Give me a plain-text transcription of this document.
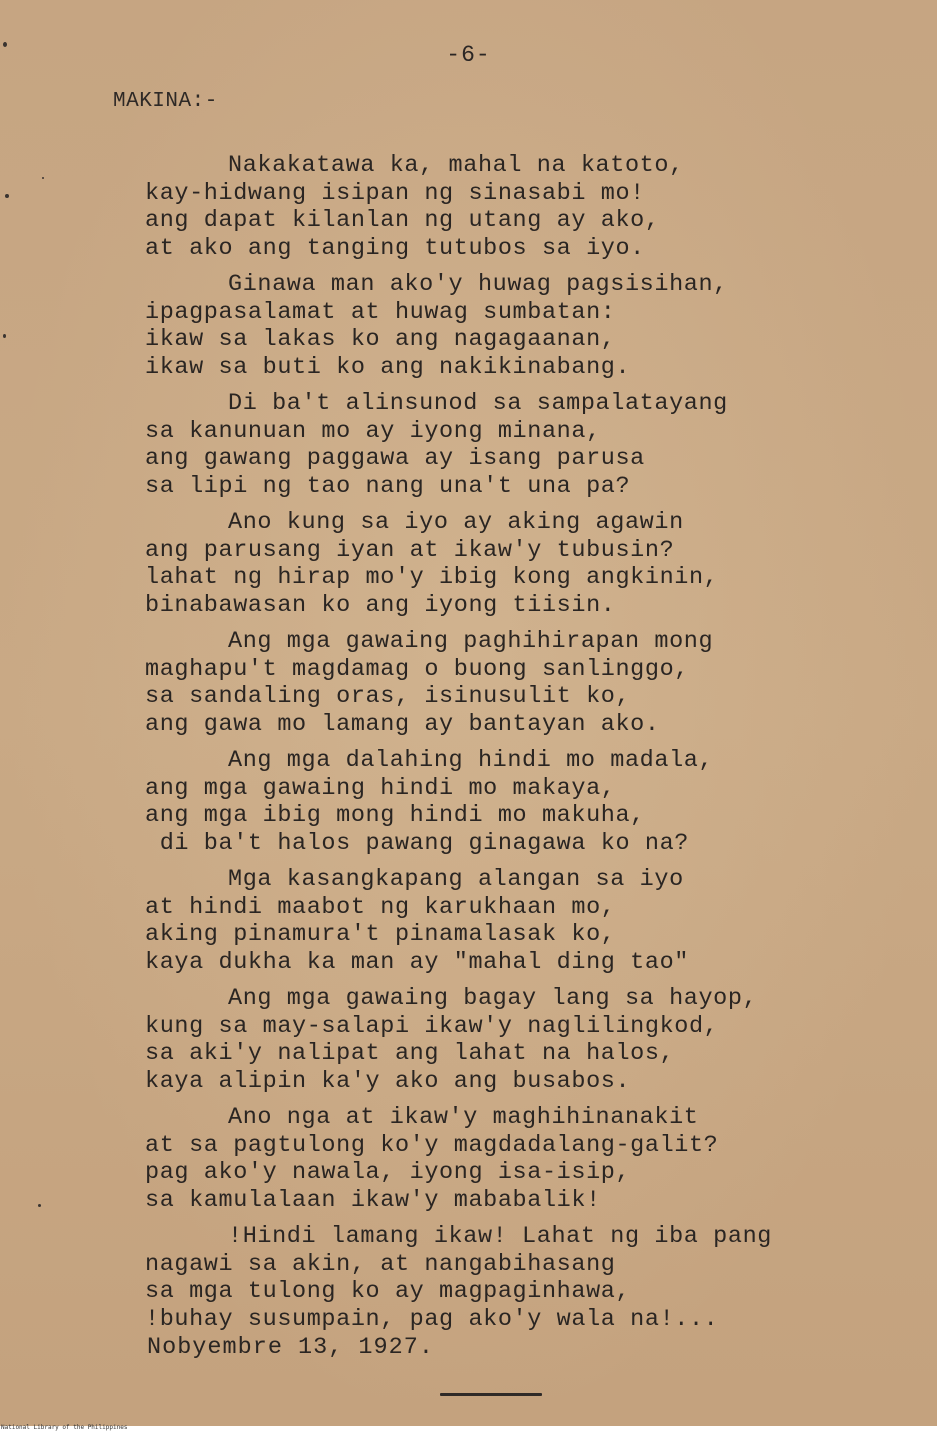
-6-
MAKINA:-
Nakakatawa ka, mahal na katoto,
kay-hidwang isipan ng sinasabi mo!
ang dapat kilanlan ng utang ay ako,
at ako ang tanging tutubos sa iyo.
Ginawa man ako'y huwag pagsisihan,
ipagpasalamat at huwag sumbatan:
ikaw sa lakas ko ang nagagaanan,
ikaw sa buti ko ang nakikinabang.
Di ba't alinsunod sa sampalatayang
sa kanunuan mo ay iyong minana,
ang gawang paggawa ay isang parusa
sa lipi ng tao nang una't una pa?
Ano kung sa iyo ay aking agawin
ang parusang iyan at ikaw'y tubusin?
lahat ng hirap mo'y ibig kong angkinin,
binabawasan ko ang iyong tiisin.
Ang mga gawaing paghihirapan mong
maghapu't magdamag o buong sanlinggo,
sa sandaling oras, isinusulit ko,
ang gawa mo lamang ay bantayan ako.
Ang mga dalahing hindi mo madala,
ang mga gawaing hindi mo makaya,
ang mga ibig mong hindi mo makuha,
di ba't halos pawang ginagawa ko na?
Mga kasangkapang alangan sa iyo
at hindi maabot ng karukhaan mo,
aking pinamura't pinamalasak ko,
kaya dukha ka man ay "mahal ding tao"
Ang mga gawaing bagay lang sa hayop,
kung sa may-salapi ikaw'y naglilingkod,
sa aki'y nalipat ang lahat na halos,
kaya alipin ka'y ako ang busabos.
Ano nga at ikaw'y maghihinanakit
at sa pagtulong ko'y magdadalang-galit?
pag ako'y nawala, iyong isa-isip,
sa kamulalaan ikaw'y mababalik!
!Hindi lamang ikaw! Lahat ng iba pang
nagawi sa akin, at nangabihasang
sa mga tulong ko ay magpaginhawa,
!buhay susumpain, pag ako'y wala na!...
Nobyembre 13, 1927.
National Library of the Philippines
